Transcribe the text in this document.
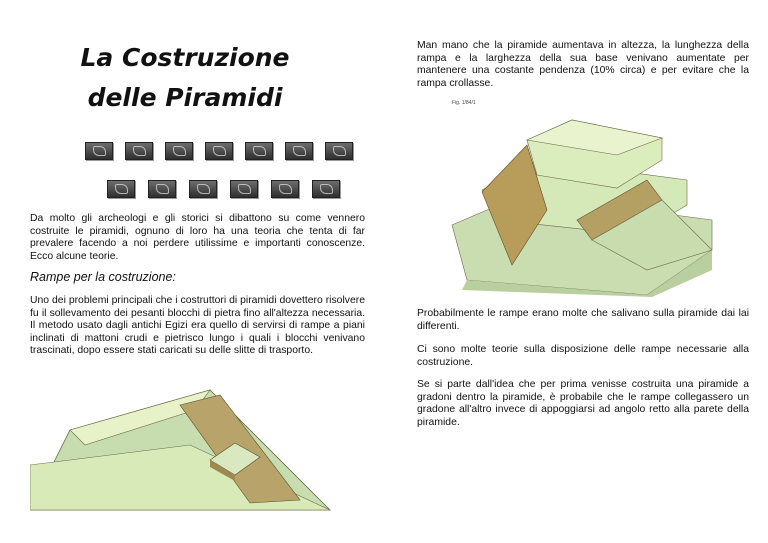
La Costruzione delle Piramidi

Da molto gli archeologi e gli storici si dibattono su come vennero costruite le piramidi, ognuno di loro ha una teoria che tenta di far prevalere facendo a noi perdere utilissime e importanti conoscenze. Ecco alcune teorie.

Rampe per la costruzione:

Uno dei problemi principali che i costruttori di piramidi dovettero risolvere fu il sollevamento dei pesanti blocchi di pietra fino all'altezza necessaria. Il metodo usato dagli antichi Egizi era quello di servirsi di rampe a piani inclinati di mattoni crudi e pietrisco lungo i quali i blocchi venivano trascinati, dopo essere stati caricati su delle slitte di trasporto.

Man mano che la piramide aumentava in altezza, la lunghezza della rampa e la larghezza della sua base venivano aumentate per mantenere una costante pendenza (10% circa) e per evitare che la rampa crollasse.

Fig. 1/84/1

Probabilmente le rampe erano molte che salivano sulla piramide dai lai differenti.

Ci sono molte teorie sulla disposizione delle rampe necessarie alla costruzione.

Se si parte dall'idea che per prima venisse costruita una piramide a gradoni dentro la piramide, è probabile che le rampe collegassero un gradone all'altro invece di appoggiarsi ad angolo retto alla parete della piramide.
